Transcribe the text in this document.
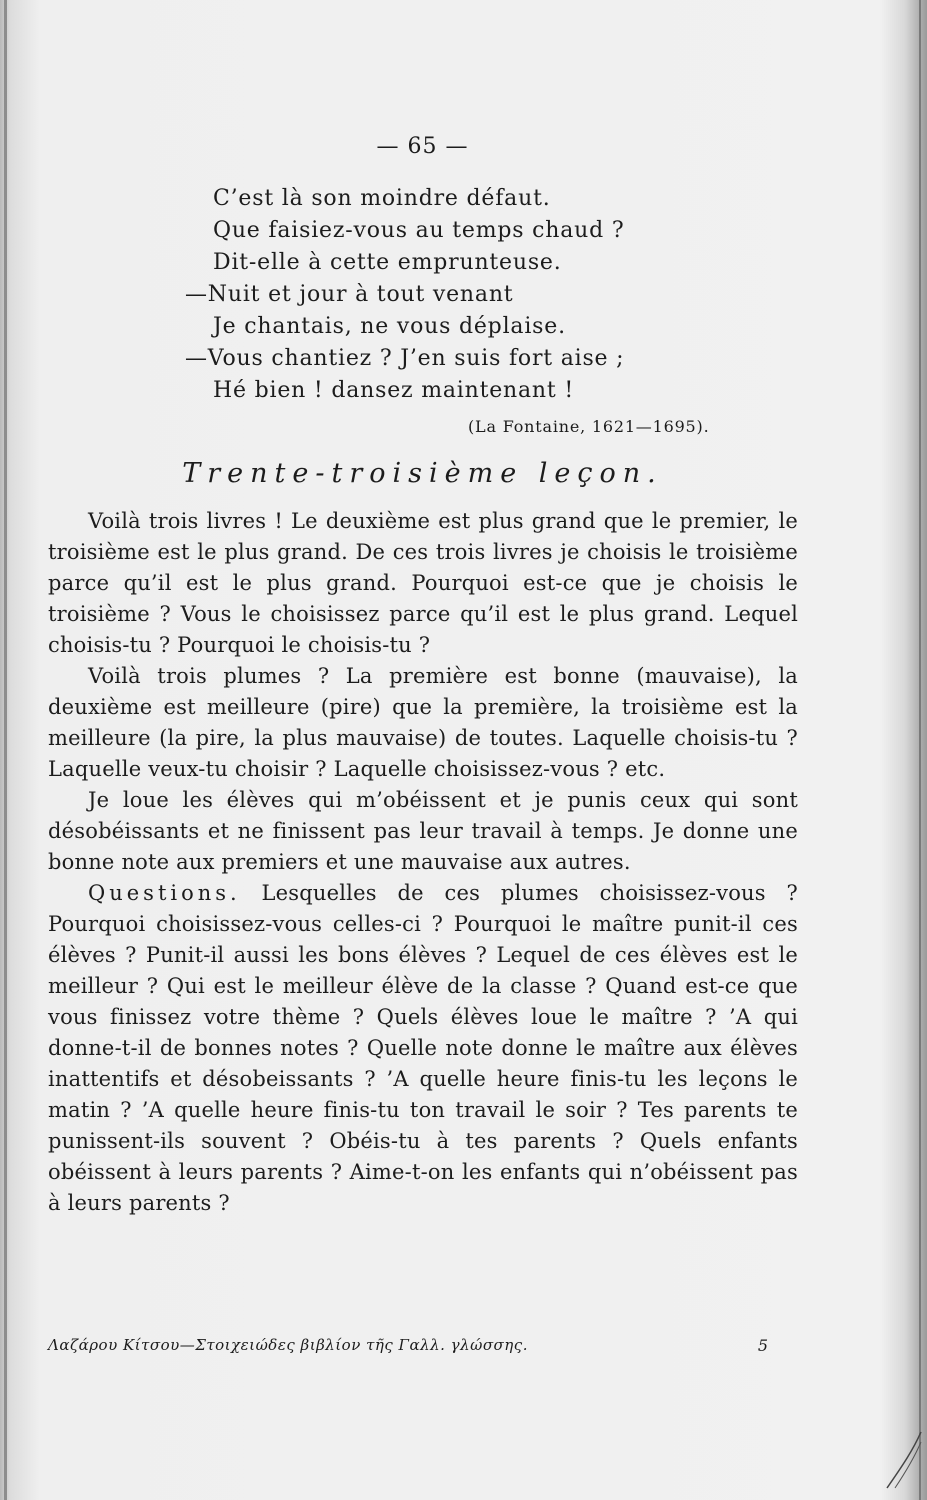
— 65 —
C’est là son moindre défaut.
Que faisiez-vous au temps chaud ?
Dit-elle à cette emprunteuse.
—Nuit et jour à tout venant
Je chantais, ne vous déplaise.
—Vous chantiez ? J’en suis fort aise ;
Hé bien ! dansez maintenant !
(La Fontaine, 1621—1695).
Trente-troisième leçon.

Voilà trois livres ! Le deuxième est plus grand que le premier, le troisième est le plus grand. De ces trois livres je choisis le troisième parce qu’il est le plus grand. Pourquoi est-ce que je choisis le troisième ? Vous le choisissez parce qu’il est le plus grand. Lequel choisis-tu ? Pourquoi le choisis-tu ?

Voilà trois plumes ? La première est bonne (mauvaise), la deuxième est meilleure (pire) que la première, la troisième est la meilleure (la pire, la plus mauvaise) de toutes. Laquelle choisis-tu ? Laquelle veux-tu choisir ? Laquelle choisissez-vous ? etc.

Je loue les élèves qui m’obéissent et je punis ceux qui sont désobéissants et ne finissent pas leur travail à temps. Je donne une bonne note aux premiers et une mauvaise aux autres.

Questions. Lesquelles de ces plumes choisissez-vous ? Pourquoi choisissez-vous celles-ci ? Pourquoi le maître punit-il ces élèves ? Punit-il aussi les bons élèves ? Lequel de ces élèves est le meilleur ? Qui est le meilleur élève de la classe ? Quand est-ce que vous finissez votre thème ? Quels élèves loue le maître ? ’A qui donne-t-il de bonnes notes ? Quelle note donne le maître aux élèves inattentifs et désobeissants ? ’A quelle heure finis-tu les leçons le matin ? ’A quelle heure finis-tu ton travail le soir ? Tes parents te punissent-ils souvent ? Obéis-tu à tes parents ? Quels enfants obéissent à leurs parents ? Aime-t-on les enfants qui n’obéissent pas à leurs parents ?

Λαζάρου Κίτσου—Στοιχειώδες βιβλίον τῆς Γαλλ. γλώσσης.	5
